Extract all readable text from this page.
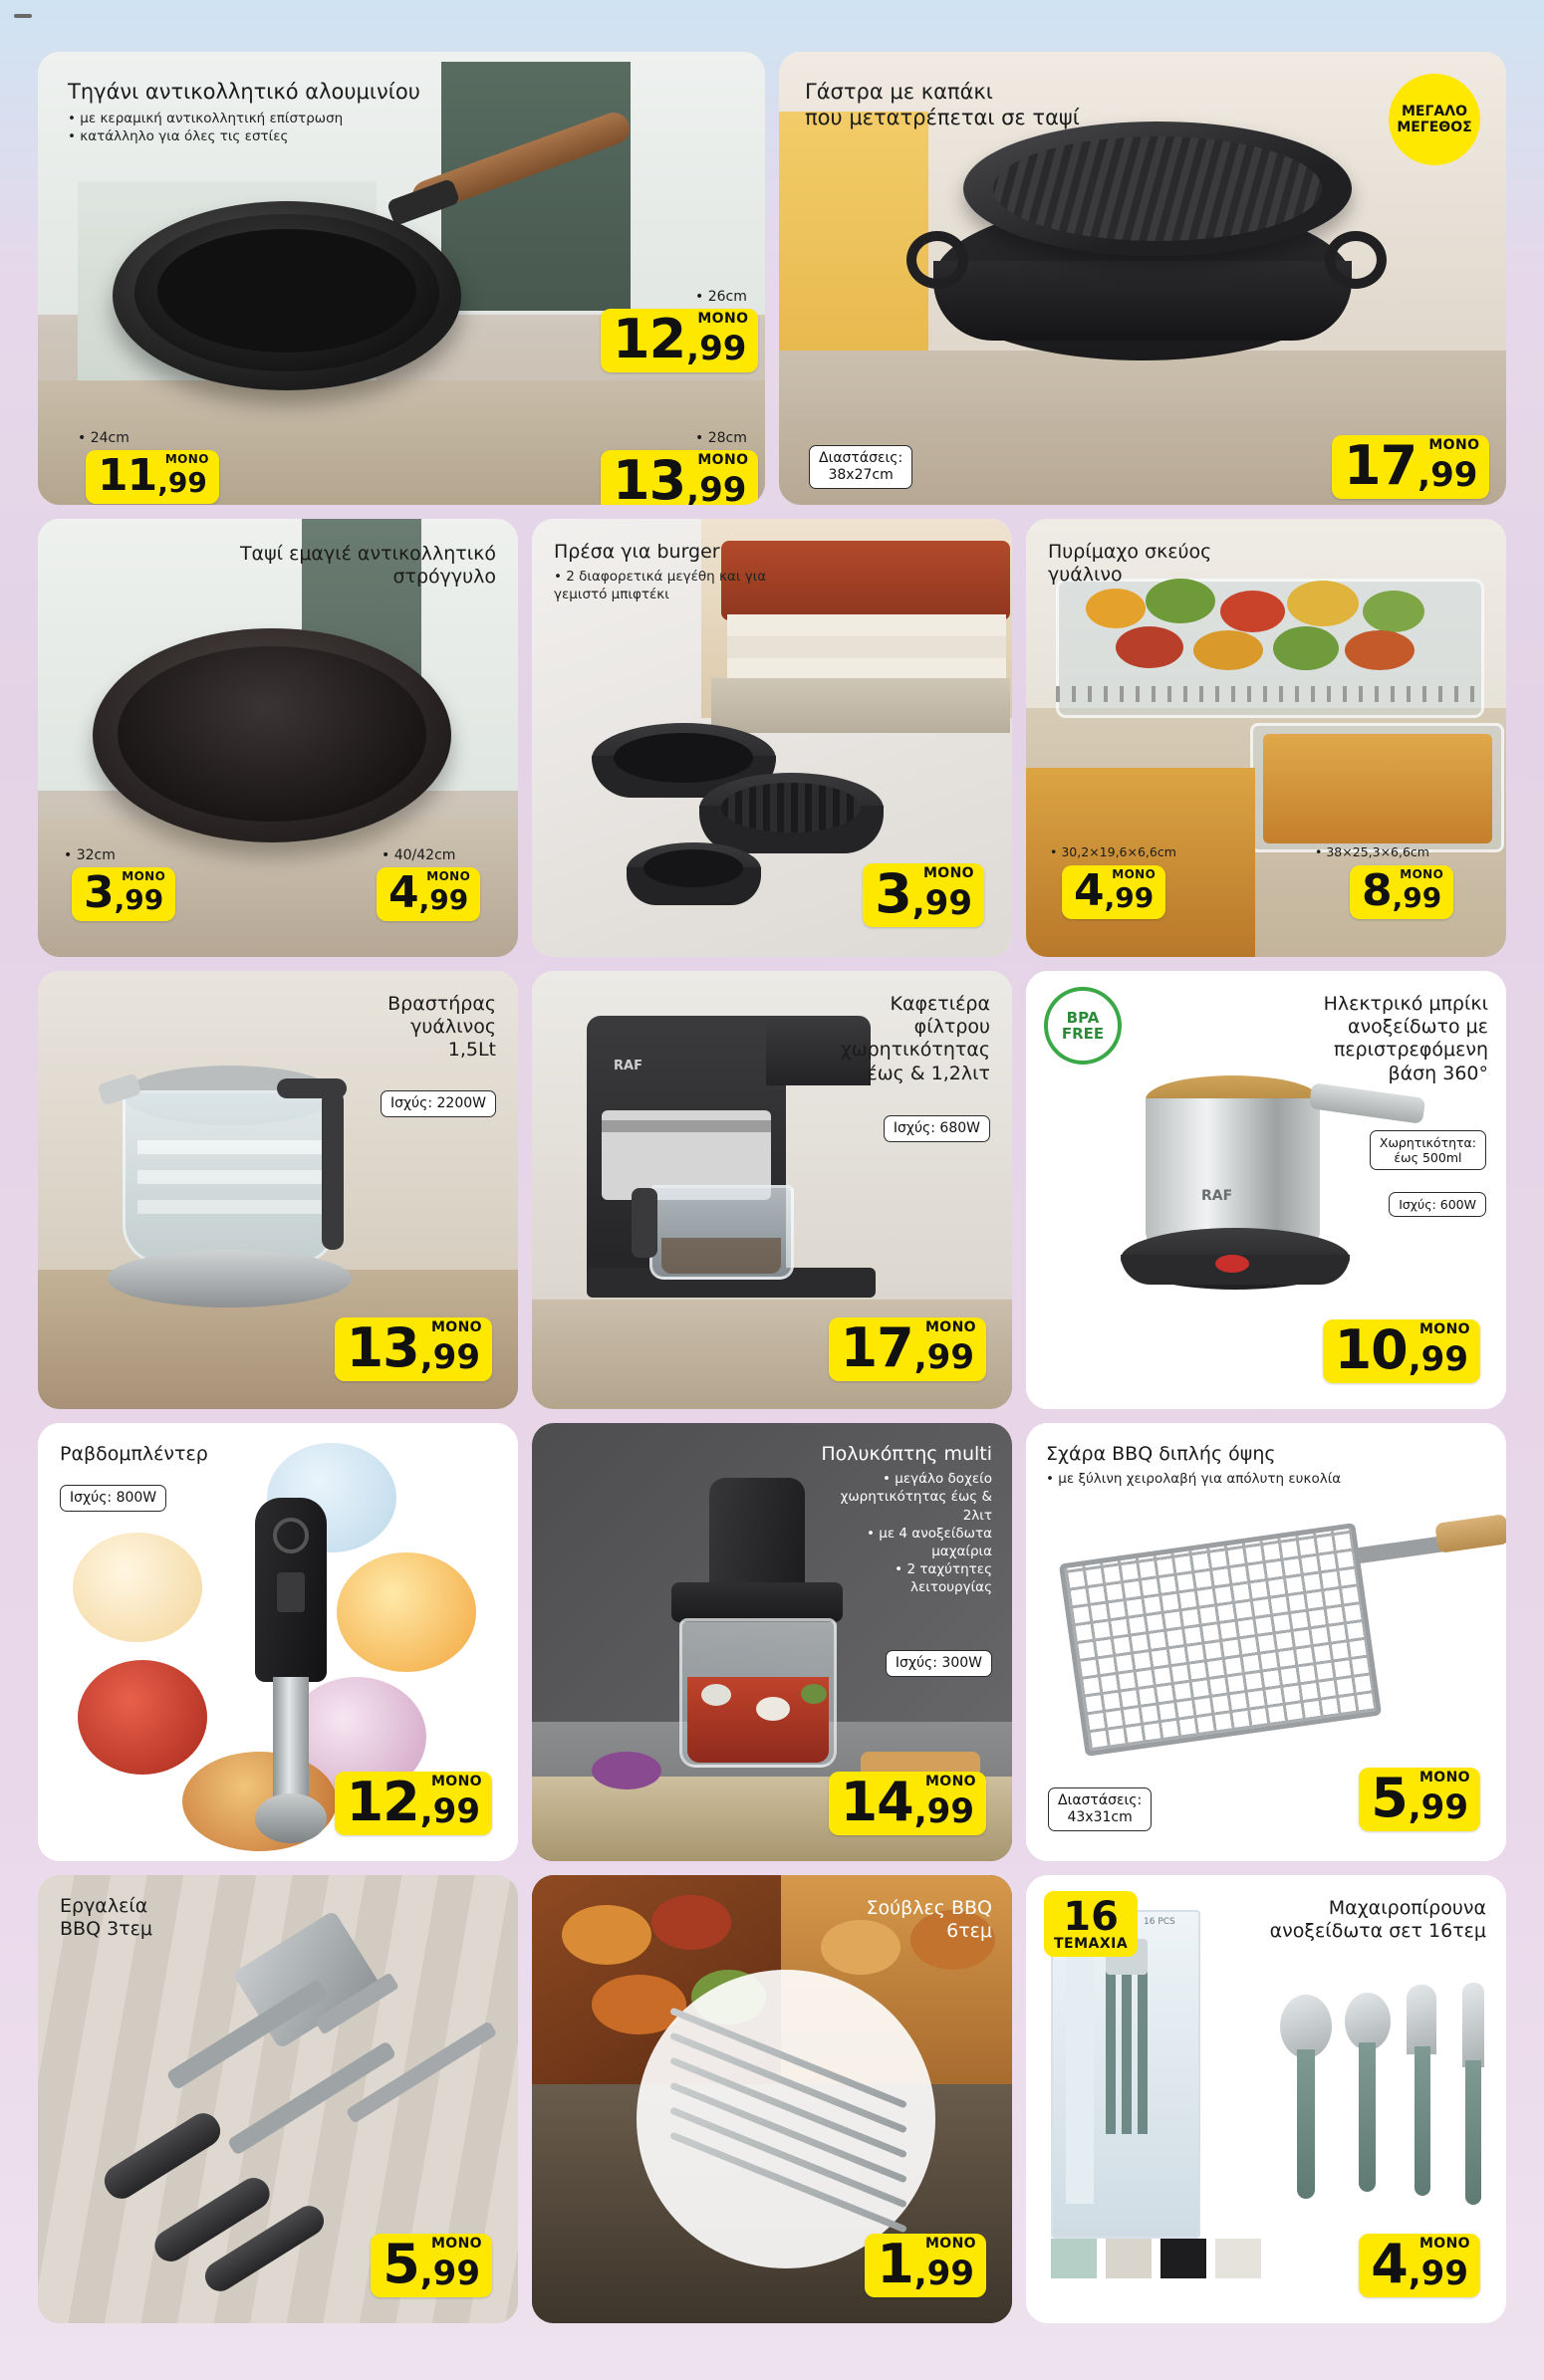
Τηγάνι αντικολλητικό αλουμινίου
• με κεραμική αντικολλητική επίστρωση
• κατάλληλο για όλες τις εστίες
• 24cm
• 26cm
• 28cm
MONO
11 ,99
MONO
12 ,99
MONO
13 ,99
Γάστρα με καπάκι
που μετατρέπεται σε ταψί	ΜΕΓΑΛΟ
ΜΕΓΕΘΟΣ
Διαστάσεις:
38x27cm
MONO
17 ,99
Ταψί εμαγιέ αντικολλητικό
στρόγγυλο
• 32cm	• 40/42cm
MONO
3 ,99
MONO
4 ,99
Πρέσα για burger
• 2 διαφορετικά μεγέθη και για γεμιστό μπιφτέκι
MONO
3 ,99
Πυρίμαχο σκεύος
γυάλινο
• 30,2×19,6×6,6cm	• 38×25,3×6,6cm
MONO
4 ,99
MONO
8 ,99
Βραστήρας
γυάλινος
1,5Lt
Ισχύς: 2200W
MONO
13 ,99
RAF
Καφετιέρα
φίλτρου
χωρητικότητας
έως & 1,2λιτ
Ισχύς: 680W
MONO
17 ,99
RAF
Ηλεκτρικό μπρίκι
ανοξείδωτο με
περιστρεφόμενη
βάση 360°
BPA
FREE
Χωρητικότητα:
έως 500ml
Ισχύς: 600W
MONO
10 ,99
Ραβδομπλέντερ
Ισχύς: 800W
MONO
12 ,99
Πολυκόπτης multi
• μεγάλο δοχείο χωρητικότητας έως & 2λιτ
• με 4 ανοξείδωτα μαχαίρια
• 2 ταχύτητες λειτουργίας
Ισχύς: 300W
MONO
14 ,99
Σχάρα BBQ διπλής όψης
• με ξύλινη χειρολαβή για απόλυτη ευκολία
Διαστάσεις:
43x31cm
MONO
5 ,99
Εργαλεία
BBQ 3τεμ
MONO
5 ,99
Σούβλες BBQ
6τεμ
MONO
1 ,99
16 PCS
Μαχαιροπίρουνα
ανοξείδωτα σετ 16τεμ
16
ΤΕΜΑΧΙΑ
MONO
4 ,99
